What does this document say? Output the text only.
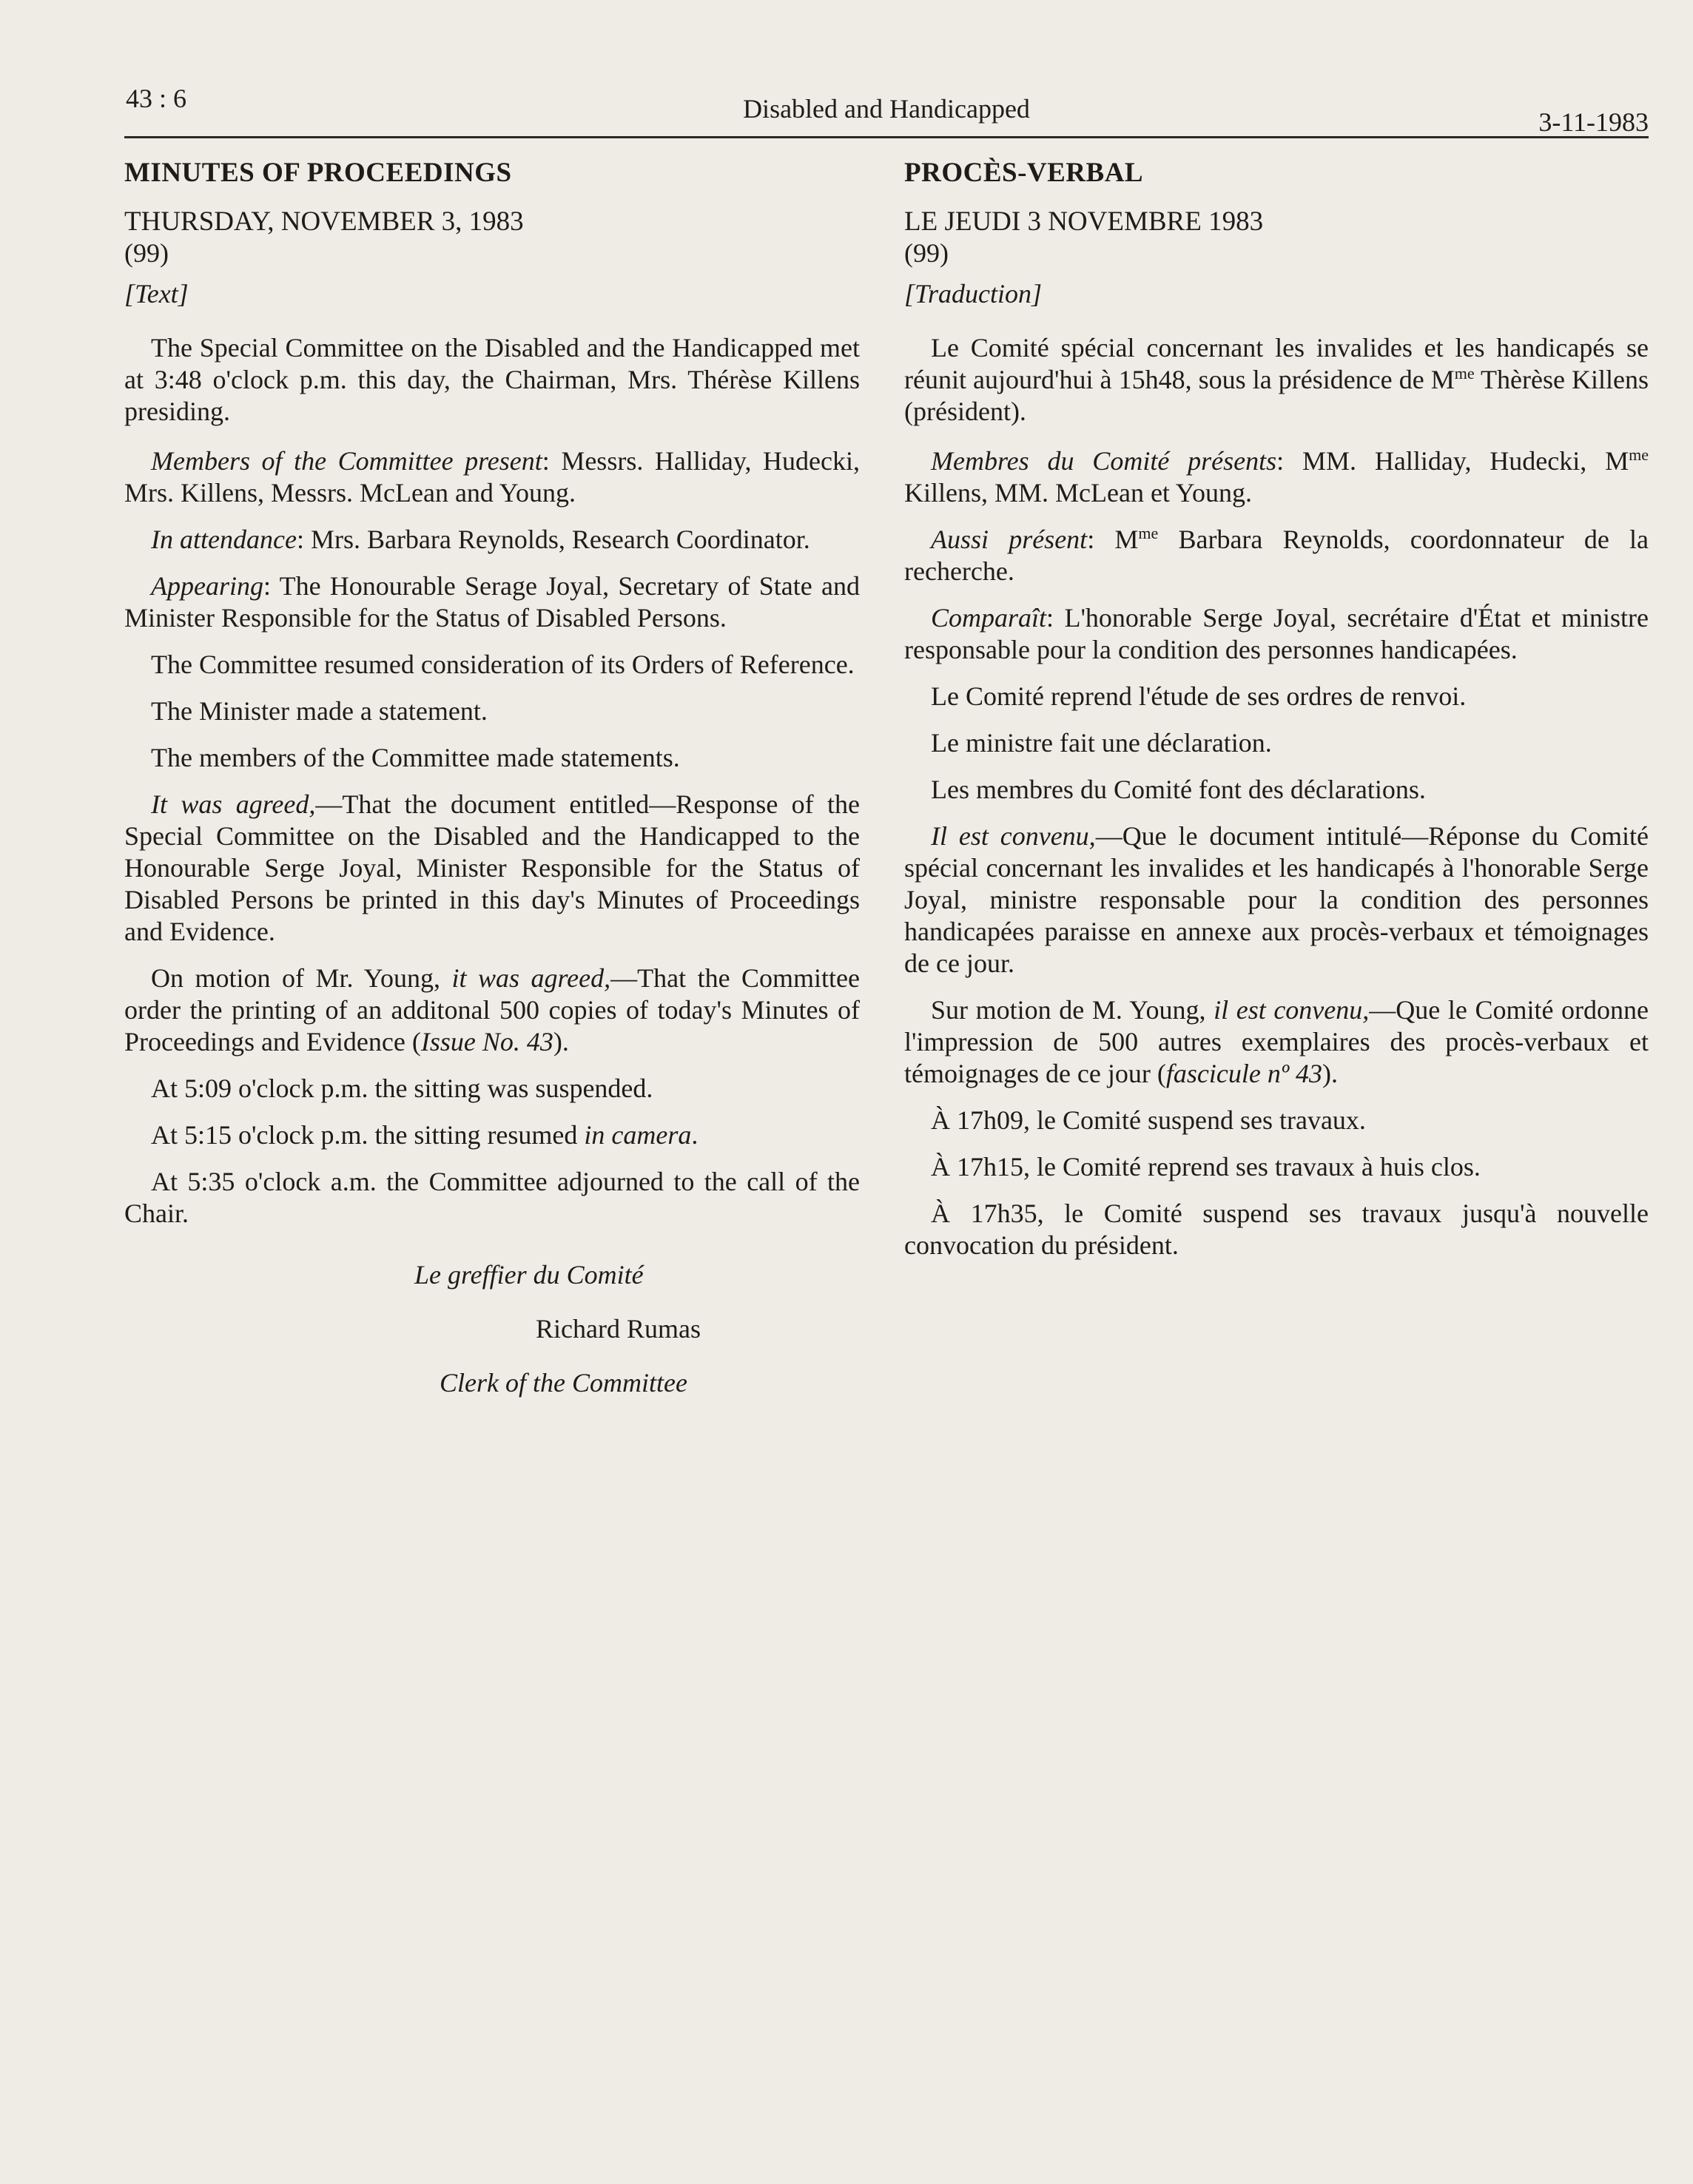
43 : 6	Disabled and Handicapped	3-11-1983

MINUTES OF PROCEEDINGS

THURSDAY, NOVEMBER 3, 1983

(99)

[Text]

The Special Committee on the Disabled and the Handicapped met at 3:48 o'clock p.m. this day, the Chairman, Mrs. Thérèse Killens presiding.

Members of the Committee present: Messrs. Halliday, Hudecki, Mrs. Killens, Messrs. McLean and Young.

In attendance: Mrs. Barbara Reynolds, Research Coordinator.

Appearing: The Honourable Serage Joyal, Secretary of State and Minister Responsible for the Status of Disabled Persons.

The Committee resumed consideration of its Orders of Reference.

The Minister made a statement.

The members of the Committee made statements.

It was agreed,—That the document entitled—Response of the Special Committee on the Disabled and the Handicapped to the Honourable Serge Joyal, Minister Responsible for the Status of Disabled Persons be printed in this day's Minutes of Proceedings and Evidence.

On motion of Mr. Young, it was agreed,—That the Committee order the printing of an additonal 500 copies of today's Minutes of Proceedings and Evidence (Issue No. 43).

At 5:09 o'clock p.m. the sitting was suspended.

At 5:15 o'clock p.m. the sitting resumed in camera.

At 5:35 o'clock a.m. the Committee adjourned to the call of the Chair.

Le greffier du Comité

Richard Rumas

Clerk of the Committee

PROCÈS-VERBAL

LE JEUDI 3 NOVEMBRE 1983

(99)

[Traduction]

Le Comité spécial concernant les invalides et les handicapés se réunit aujourd'hui à 15h48, sous la présidence de $M^{me}$ Thèrèse Killens (président).

Membres du Comité présents: MM. Halliday, Hudecki, $M^{me}$ Killens, MM. McLean et Young.

Aussi présent: $M^{me}$ Barbara Reynolds, coordonnateur de la recherche.

Comparaît: L'honorable Serge Joyal, secrétaire d'État et ministre responsable pour la condition des personnes handicapées.

Le Comité reprend l'étude de ses ordres de renvoi.

Le ministre fait une déclaration.

Les membres du Comité font des déclarations.

Il est convenu,—Que le document intitulé—Réponse du Comité spécial concernant les invalides et les handicapés à l'honorable Serge Joyal, ministre responsable pour la condition des personnes handicapées paraisse en annexe aux procès-verbaux et témoignages de ce jour.

Sur motion de M. Young, il est convenu,—Que le Comité ordonne l'impression de 500 autres exemplaires des procès-verbaux et témoignages de ce jour (fascicule nº 43).

À 17h09, le Comité suspend ses travaux.

À 17h15, le Comité reprend ses travaux à huis clos.

À 17h35, le Comité suspend ses travaux jusqu'à nouvelle convocation du président.
